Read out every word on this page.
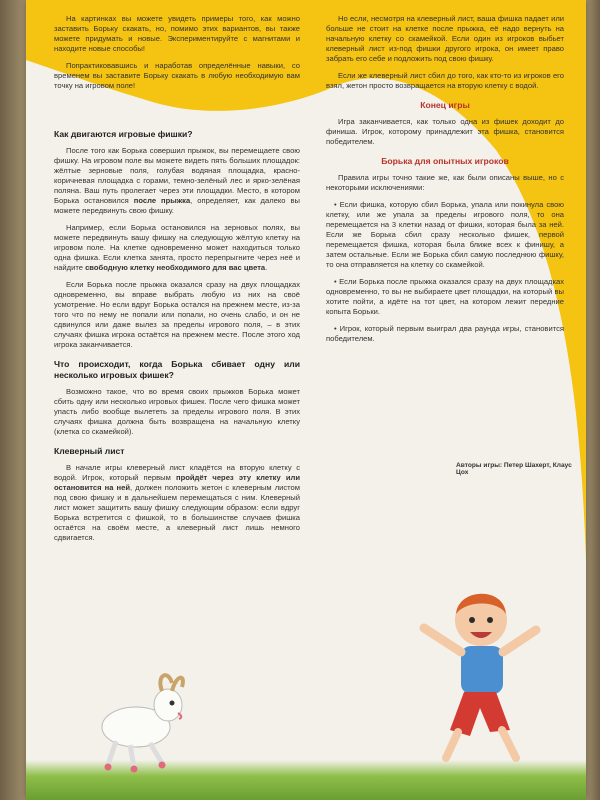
На картинках вы можете увидеть примеры того, как можно заставить Борьку скакать, но, помимо этих вариантов, вы также можете придумать и новые. Экспериментируйте с магнитами и находите новые способы!

Попрактиковавшись и наработав определённые навыки, со временем вы заставите Борьку скакать в любую необходимую вам точку на игровом поле!

Как двигаются игровые фишки?

После того как Борька совершил прыжок, вы перемещаете свою фишку. На игровом поле вы можете видеть пять больших площадок: жёлтые зерновые поля, голубая водяная площадка, красно-коричневая площадка с горами, темно-зелёный лес и ярко-зелёная поляна. Ваш путь пролегает через эти площадки. Место, в котором Борька остановился после прыжка, определяет, как далеко вы можете передвинуть свою фишку.

Например, если Борька остановился на зерновых полях, вы можете передвинуть вашу фишку на следующую жёлтую клетку на игровом поле. На клетке одновременно может находиться только одна фишка. Если клетка занята, просто перепрыгните через неё и найдите свободную клетку необходимого для вас цвета.

Если Борька после прыжка оказался сразу на двух площадках одновременно, вы вправе выбрать любую из них на своё усмотрение. Но если вдруг Борька остался на прежнем месте, из-за того что по нему не попали или попали, но очень слабо, и он не сдвинулся или даже вылез за пределы игрового поля, – в этих случаях фишка игрока остаётся на прежнем месте. После этого ход игрока заканчивается.

Что происходит, когда Борька сбивает одну или несколько игровых фишек?

Возможно такое, что во время своих прыжков Борька может сбить одну или несколько игровых фишек. После чего фишка может упасть либо вообще вылететь за пределы игрового поля. В этих случаях фишка должна быть возвращена на начальную клетку (клетка со скамейкой).

Клеверный лист

В начале игры клеверный лист кладётся на вторую клетку с водой. Игрок, который первым пройдёт через эту клетку или остановится на ней, должен положить жетон с клеверным листом под свою фишку и в дальнейшем перемещаться с ним. Клеверный лист может защитить вашу фишку следующим образом: если вдруг Борька встретится с фишкой, то в большинстве случаев фишка остаётся на своём месте, а клеверный лист лишь немного сдвигается.

Но если, несмотря на клеверный лист, ваша фишка падает или больше не стоит на клетке после прыжка, её надо вернуть на начальную клетку со скамейкой. Если один из игроков выбьет клеверный лист из-под фишки другого игрока, он имеет право забрать его себе и подложить под свою фишку.

Если же клеверный лист сбил до того, как кто-то из игроков его взял, жетон просто возвращается на вторую клетку с водой.

Конец игры

Игра заканчивается, как только одна из фишек доходит до финиша. Игрок, которому принадлежит эта фишка, становится победителем.

Борька для опытных игроков

Правила игры точно такие же, как были описаны выше, но с некоторыми исключениями:

• Если фишка, которую сбил Борька, упала или покинула свою клетку, или же упала за пределы игрового поля, то она перемещается на 3 клетки назад от фишки, которая была за ней. Если же Борька сбил сразу несколько фишек, первой перемещается фишка, которая была ближе всех к финишу, а затем остальные. Если же Борька сбил самую последнюю фишку, то она отправляется на клетку со скамейкой.

• Если Борька после прыжка оказался сразу на двух площадках одновременно, то вы не выбираете цвет площадки, на который вы хотите пойти, а идёте на тот цвет, на котором лежит передние копыта Борьки.

• Игрок, который первым выиграл два раунда игры, становится победителем.

Авторы игры: Петер Шахерт, Клаус Цох
